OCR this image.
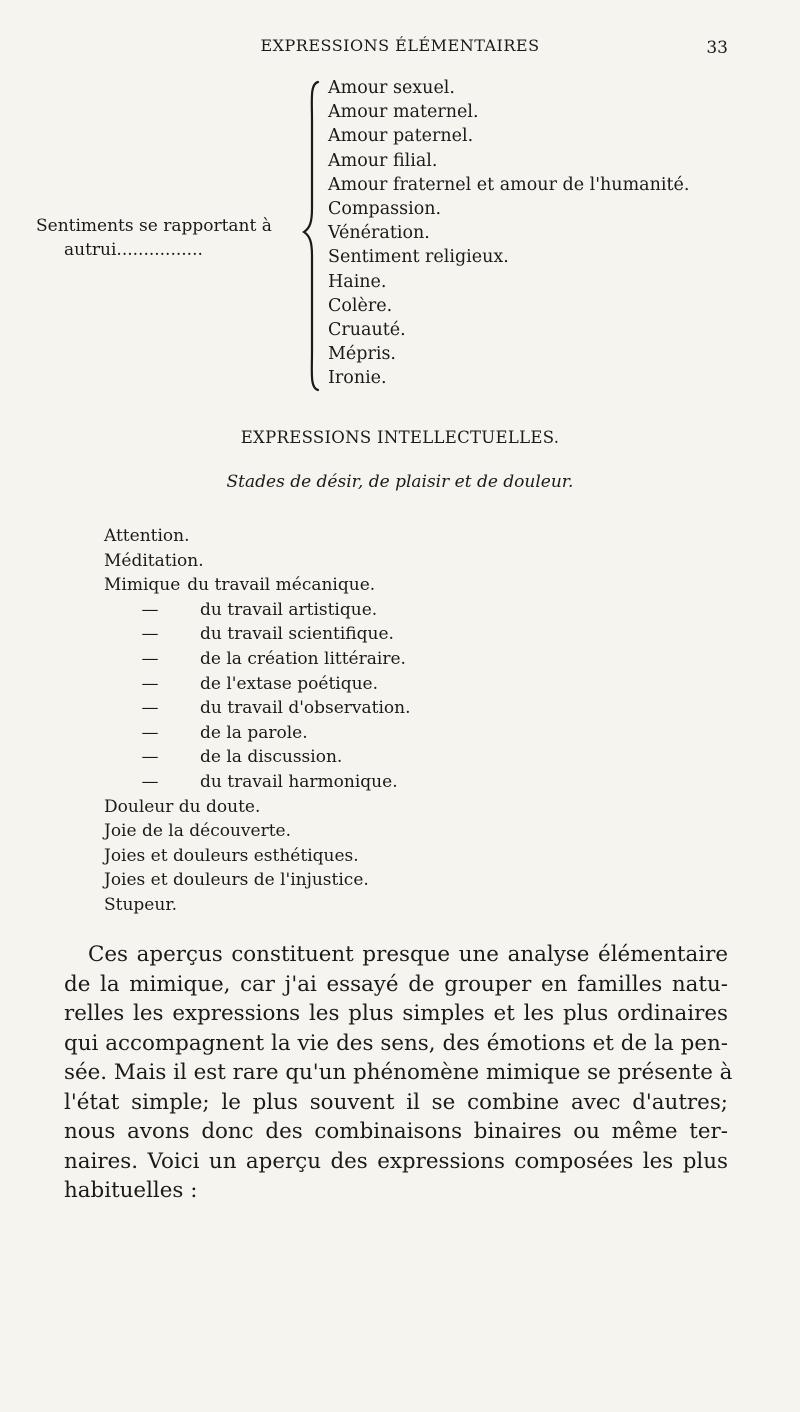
EXPRESSIONS ÉLÉMENTAIRES	33
Sentiments se rapportant à
autrui................
Amour sexuel.
Amour maternel.
Amour paternel.
Amour filial.
Amour fraternel et amour de l'humanité.
Compassion.
Vénération.
Sentiment religieux.
Haine.
Colère.
Cruauté.
Mépris.
Ironie.
EXPRESSIONS INTELLECTUELLES.
Stades de désir, de plaisir et de douleur.
Attention.
Méditation.
Mimique du travail mécanique.
—	du travail artistique.
—	du travail scientifique.
—	de la création littéraire.
—	de l'extase poétique.
—	du travail d'observation.
—	de la parole.
—	de la discussion.
—	du travail harmonique.
Douleur du doute.
Joie de la découverte.
Joies et douleurs esthétiques.
Joies et douleurs de l'injustice.
Stupeur.

Ces aperçus constituent presque une analyse élémentaire
de la mimique, car j'ai essayé de grouper en familles natu-
relles les expressions les plus simples et les plus ordinaires
qui accompagnent la vie des sens, des émotions et de la pen-
sée. Mais il est rare qu'un phénomène mimique se présente à
l'état simple; le plus souvent il se combine avec d'autres;
nous avons donc des combinaisons binaires ou même ter-
naires. Voici un aperçu des expressions composées les plus
habituelles :
